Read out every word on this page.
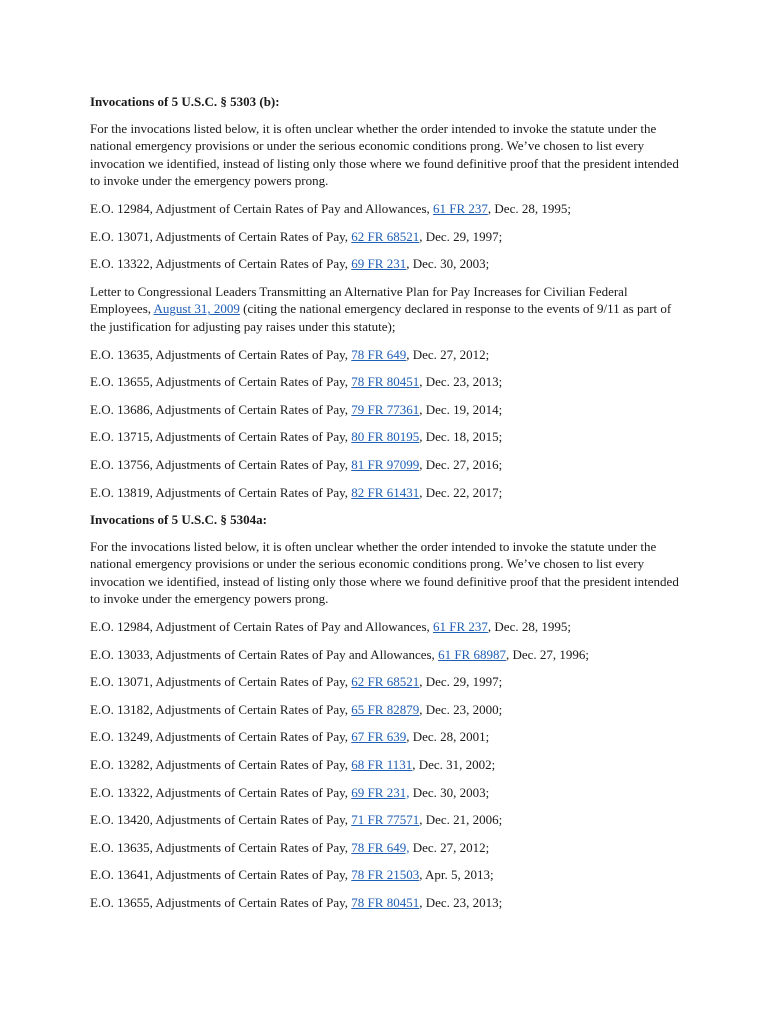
Invocations of 5 U.S.C. § 5303 (b):
For the invocations listed below, it is often unclear whether the order intended to invoke the statute under the national emergency provisions or under the serious economic conditions prong. We’ve chosen to list every invocation we identified, instead of listing only those where we found definitive proof that the president intended to invoke under the emergency powers prong.
E.O. 12984, Adjustment of Certain Rates of Pay and Allowances, 61 FR 237, Dec. 28, 1995;
E.O. 13071, Adjustments of Certain Rates of Pay, 62 FR 68521, Dec. 29, 1997;
E.O. 13322, Adjustments of Certain Rates of Pay, 69 FR 231, Dec. 30, 2003;
Letter to Congressional Leaders Transmitting an Alternative Plan for Pay Increases for Civilian Federal Employees, August 31, 2009 (citing the national emergency declared in response to the events of 9/11 as part of the justification for adjusting pay raises under this statute);
E.O. 13635, Adjustments of Certain Rates of Pay, 78 FR 649, Dec. 27, 2012;
E.O. 13655, Adjustments of Certain Rates of Pay, 78 FR 80451, Dec. 23, 2013;
E.O. 13686, Adjustments of Certain Rates of Pay, 79 FR 77361, Dec. 19, 2014;
E.O. 13715, Adjustments of Certain Rates of Pay, 80 FR 80195, Dec. 18, 2015;
E.O. 13756, Adjustments of Certain Rates of Pay, 81 FR 97099, Dec. 27, 2016;
E.O. 13819, Adjustments of Certain Rates of Pay, 82 FR 61431, Dec. 22, 2017;
Invocations of 5 U.S.C. § 5304a:
For the invocations listed below, it is often unclear whether the order intended to invoke the statute under the national emergency provisions or under the serious economic conditions prong. We’ve chosen to list every invocation we identified, instead of listing only those where we found definitive proof that the president intended to invoke under the emergency powers prong.
E.O. 12984, Adjustment of Certain Rates of Pay and Allowances, 61 FR 237, Dec. 28, 1995;
E.O. 13033, Adjustments of Certain Rates of Pay and Allowances, 61 FR 68987, Dec. 27, 1996;
E.O. 13071, Adjustments of Certain Rates of Pay, 62 FR 68521, Dec. 29, 1997;
E.O. 13182, Adjustments of Certain Rates of Pay, 65 FR 82879, Dec. 23, 2000;
E.O. 13249, Adjustments of Certain Rates of Pay, 67 FR 639, Dec. 28, 2001;
E.O. 13282, Adjustments of Certain Rates of Pay, 68 FR 1131, Dec. 31, 2002;
E.O. 13322, Adjustments of Certain Rates of Pay, 69 FR 231, Dec. 30, 2003;
E.O. 13420, Adjustments of Certain Rates of Pay, 71 FR 77571, Dec. 21, 2006;
E.O. 13635, Adjustments of Certain Rates of Pay, 78 FR 649, Dec. 27, 2012;
E.O. 13641, Adjustments of Certain Rates of Pay, 78 FR 21503, Apr. 5, 2013;
E.O. 13655, Adjustments of Certain Rates of Pay, 78 FR 80451, Dec. 23, 2013;
